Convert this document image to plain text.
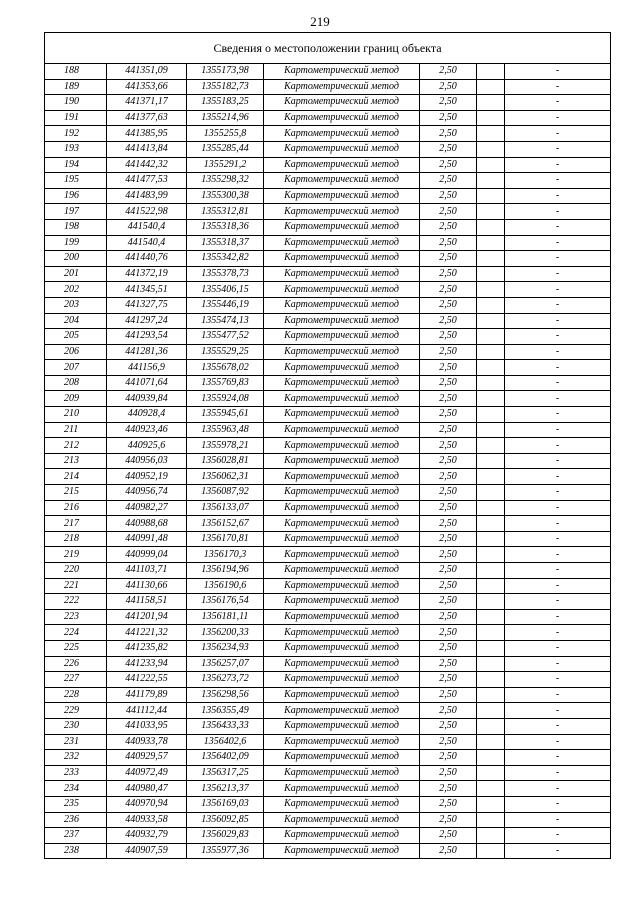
219
Сведения о местоположении границ объекта
188	441351,09	1355173,98	Картометрический метод	2,50		-
189	441353,66	1355182,73	Картометрический метод	2,50		-
190	441371,17	1355183,25	Картометрический метод	2,50		-
191	441377,63	1355214,96	Картометрический метод	2,50		-
192	441385,95	1355255,8	Картометрический метод	2,50		-
193	441413,84	1355285,44	Картометрический метод	2,50		-
194	441442,32	1355291,2	Картометрический метод	2,50		-
195	441477,53	1355298,32	Картометрический метод	2,50		-
196	441483,99	1355300,38	Картометрический метод	2,50		-
197	441522,98	1355312,81	Картометрический метод	2,50		-
198	441540,4	1355318,36	Картометрический метод	2,50		-
199	441540,4	1355318,37	Картометрический метод	2,50		-
200	441440,76	1355342,82	Картометрический метод	2,50		-
201	441372,19	1355378,73	Картометрический метод	2,50		-
202	441345,51	1355406,15	Картометрический метод	2,50		-
203	441327,75	1355446,19	Картометрический метод	2,50		-
204	441297,24	1355474,13	Картометрический метод	2,50		-
205	441293,54	1355477,52	Картометрический метод	2,50		-
206	441281,36	1355529,25	Картометрический метод	2,50		-
207	441156,9	1355678,02	Картометрический метод	2,50		-
208	441071,64	1355769,83	Картометрический метод	2,50		-
209	440939,84	1355924,08	Картометрический метод	2,50		-
210	440928,4	1355945,61	Картометрический метод	2,50		-
211	440923,46	1355963,48	Картометрический метод	2,50		-
212	440925,6	1355978,21	Картометрический метод	2,50		-
213	440956,03	1356028,81	Картометрический метод	2,50		-
214	440952,19	1356062,31	Картометрический метод	2,50		-
215	440956,74	1356087,92	Картометрический метод	2,50		-
216	440982,27	1356133,07	Картометрический метод	2,50		-
217	440988,68	1356152,67	Картометрический метод	2,50		-
218	440991,48	1356170,81	Картометрический метод	2,50		-
219	440999,04	1356170,3	Картометрический метод	2,50		-
220	441103,71	1356194,96	Картометрический метод	2,50		-
221	441130,66	1356190,6	Картометрический метод	2,50		-
222	441158,51	1356176,54	Картометрический метод	2,50		-
223	441201,94	1356181,11	Картометрический метод	2,50		-
224	441221,32	1356200,33	Картометрический метод	2,50		-
225	441235,82	1356234,93	Картометрический метод	2,50		-
226	441233,94	1356257,07	Картометрический метод	2,50		-
227	441222,55	1356273,72	Картометрический метод	2,50		-
228	441179,89	1356298,56	Картометрический метод	2,50		-
229	441112,44	1356355,49	Картометрический метод	2,50		-
230	441033,95	1356433,33	Картометрический метод	2,50		-
231	440933,78	1356402,6	Картометрический метод	2,50		-
232	440929,57	1356402,09	Картометрический метод	2,50		-
233	440972,49	1356317,25	Картометрический метод	2,50		-
234	440980,47	1356213,37	Картометрический метод	2,50		-
235	440970,94	1356169,03	Картометрический метод	2,50		-
236	440933,58	1356092,85	Картометрический метод	2,50		-
237	440932,79	1356029,83	Картометрический метод	2,50		-
238	440907,59	1355977,36	Картометрический метод	2,50		-
